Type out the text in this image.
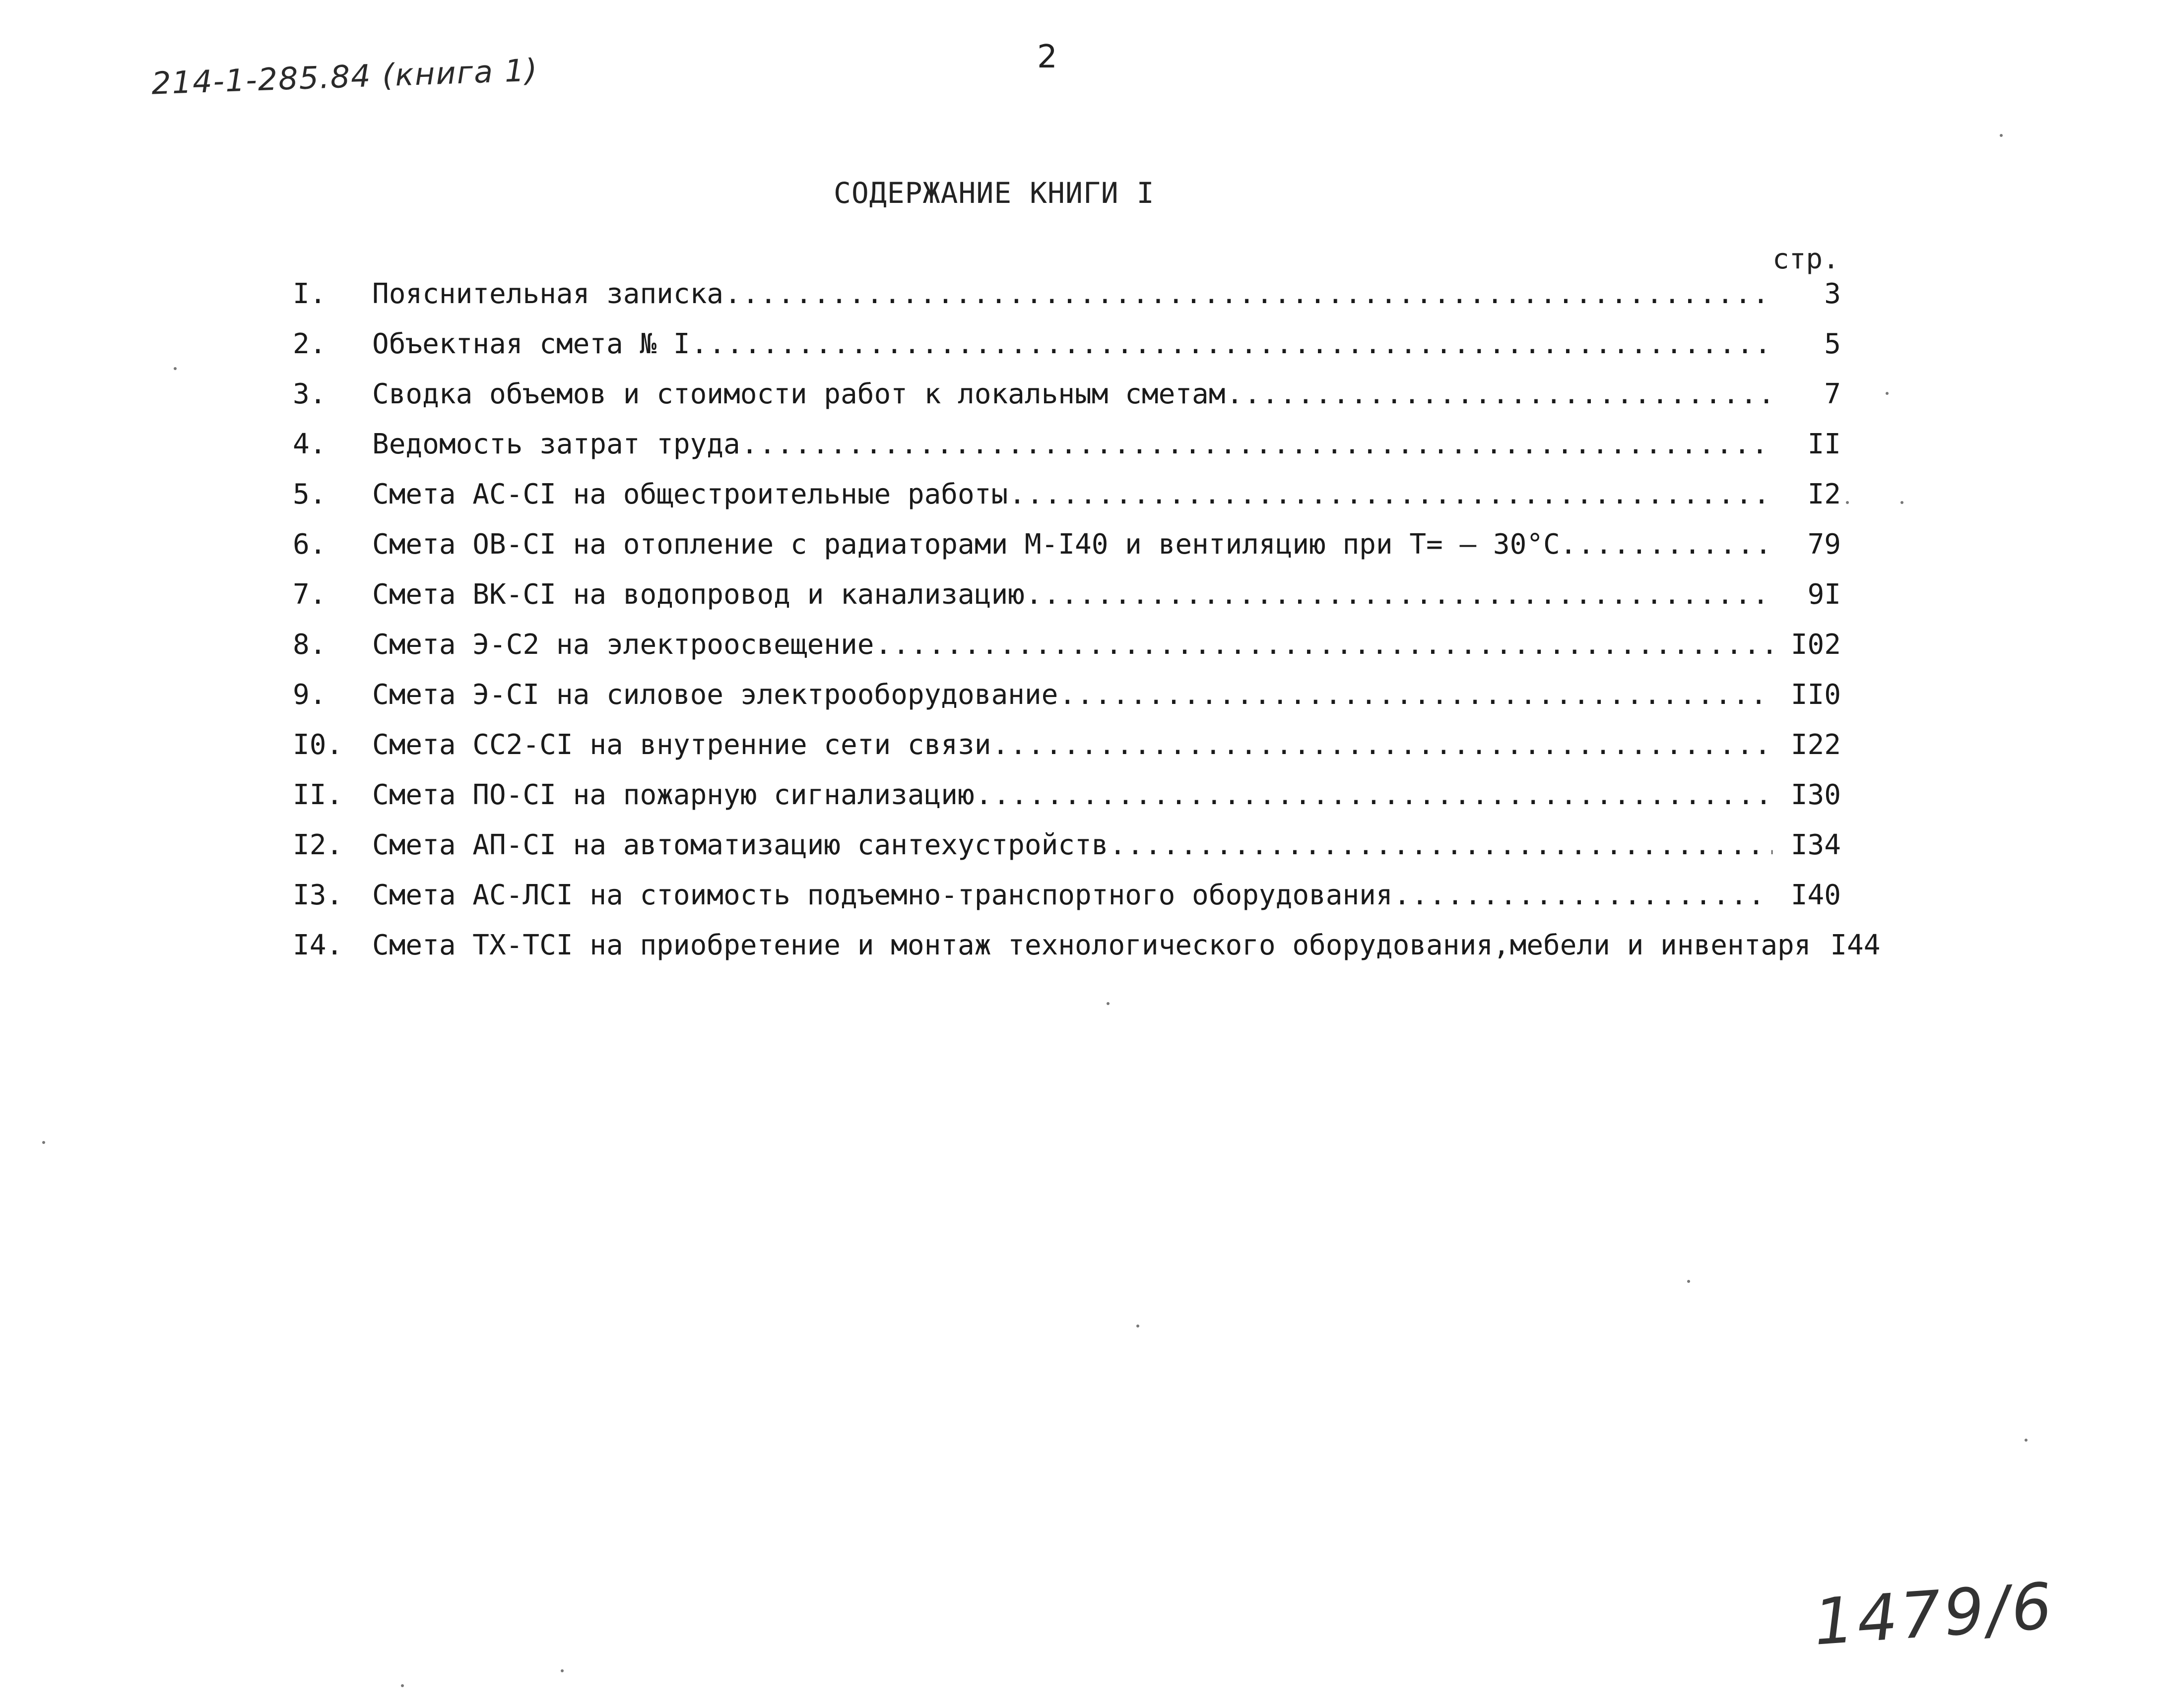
214-1-285.84 (книга 1)	2
СОДЕРЖАНИЕ КНИГИ I
стр.
I.	Пояснительная записка .....	3
2.	Объектная смета № I .....	5
3.	Сводка объемов и стоимости работ к локальным сметам .....	7
4.	Ведомость затрат труда .....	II
5.	Смета АС-CI на общестроительные работы .....	I2
6.	Смета ОВ-CI на отопление с радиаторами М-I40 и вентиляцию при Т= – 30°С. .....	79
7.	Смета ВК-CI на водопровод и канализацию .....	9I
8.	Смета Э-С2 на электроосвещение .....	I02
9.	Смета Э-CI на силовое электрооборудование .....	II0
I0.	Смета СС2-CI на внутренние сети связи .....	I22
II.	Смета ПО-CI на пожарную сигнализацию .....	I30
I2.	Смета АП-CI на автоматизацию сантехустройств .....	I34
I3.	Смета АС-ЛCI на стоимость подъемно-транспортного оборудования .....	I40
I4.	Смета ТХ-TCI на приобретение и монтаж технологического оборудования,мебели и инвентаря I44
1479/6
